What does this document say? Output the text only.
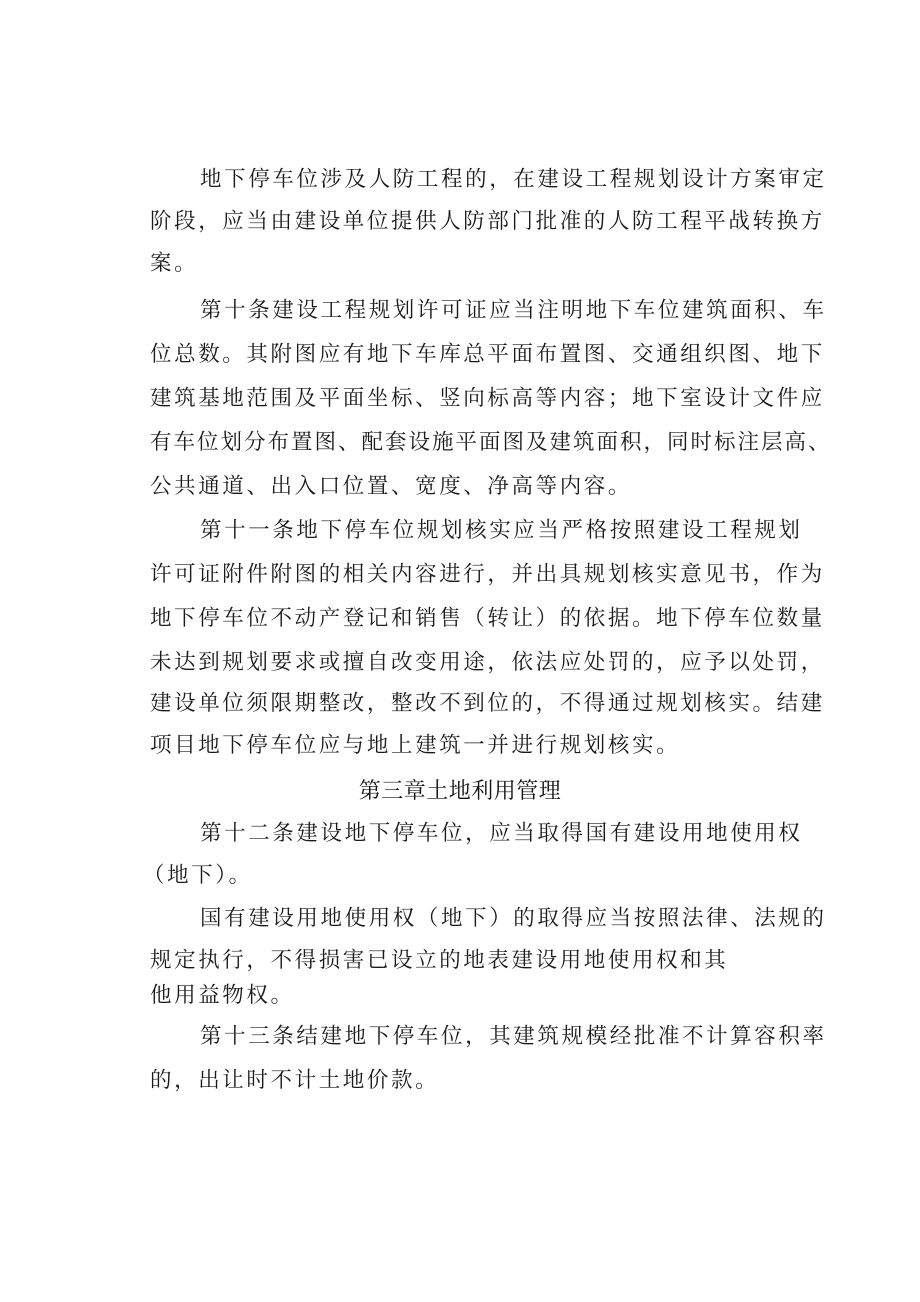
地下停车位涉及人防工程的，在建设工程规划设计方案审定
阶段，应当由建设单位提供人防部门批准的人防工程平战转换方
案。
第十条建设工程规划许可证应当注明地下车位建筑面积、车
位总数。其附图应有地下车库总平面布置图、交通组织图、地下
建筑基地范围及平面坐标、竖向标高等内容；地下室设计文件应
有车位划分布置图、配套设施平面图及建筑面积，同时标注层高、
公共通道、出入口位置、宽度、净高等内容。
第十一条地下停车位规划核实应当严格按照建设工程规划
许可证附件附图的相关内容进行，并出具规划核实意见书，作为
地下停车位不动产登记和销售（转让）的依据。地下停车位数量
未达到规划要求或擅自改变用途，依法应处罚的，应予以处罚，
建设单位须限期整改，整改不到位的，不得通过规划核实。结建
项目地下停车位应与地上建筑一并进行规划核实。
第三章土地利用管理
第十二条建设地下停车位，应当取得国有建设用地使用权
（地下）。
国有建设用地使用权（地下）的取得应当按照法律、法规的
规定执行，不得损害已设立的地表建设用地使用权和其
他用益物权。
第十三条结建地下停车位，其建筑规模经批准不计算容积率
的，出让时不计土地价款。
